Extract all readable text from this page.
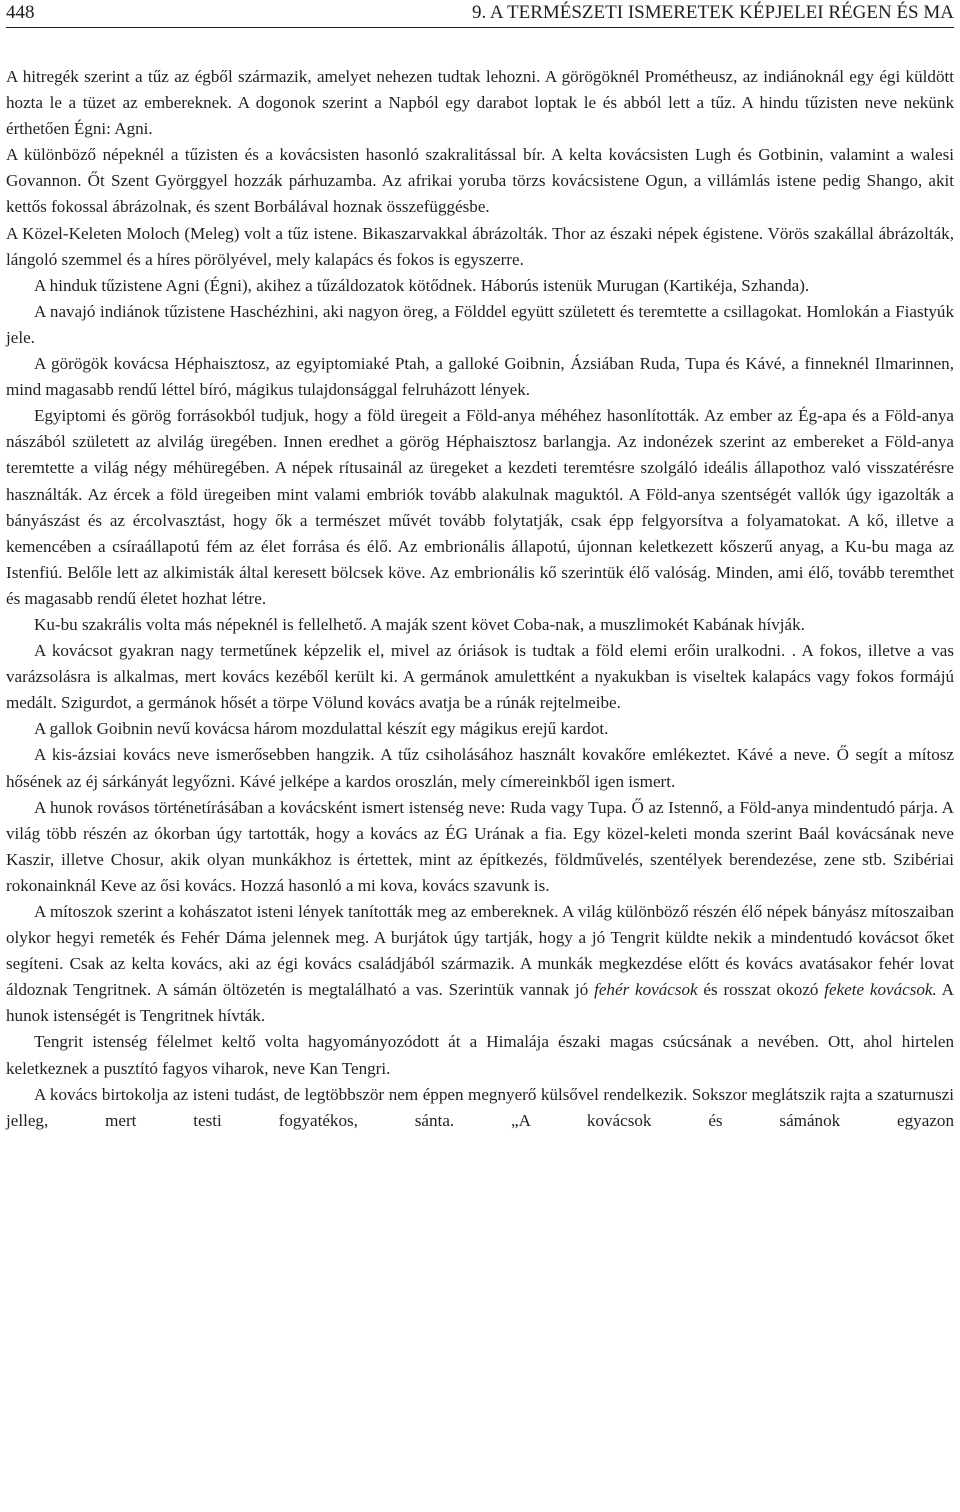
448	9. A TERMÉSZETI ISMERETEK KÉPJELEI RÉGEN ÉS MA

A hitregék szerint a tűz az égből származik, amelyet nehezen tudtak lehozni. A görögöknél Prométheusz, az indiánoknál egy égi küldött hozta le a tüzet az embereknek. A dogonok szerint a Napból egy darabot loptak le és abból lett a tűz. A hindu tűzisten neve nekünk érthetően Égni: Agni.

A különböző népeknél a tűzisten és a kovácsisten hasonló szakralitással bír. A kelta kovácsisten Lugh és Gotbinin, valamint a walesi Govannon. Őt Szent Györggyel hozzák párhuzamba. Az afrikai yoruba törzs kovácsistene Ogun, a villámlás istene pedig Shango, akit kettős fokossal ábrázolnak, és szent Borbálával hoznak összefüggésbe.

A Közel-Keleten Moloch (Meleg) volt a tűz istene. Bikaszarvakkal ábrázolták. Thor az északi népek égistene. Vörös szakállal ábrázolták, lángoló szemmel és a híres pörölyével, mely kalapács és fokos is egyszerre.

A hinduk tűzistene Agni (Égni), akihez a tűzáldozatok kötődnek. Háborús istenük Murugan (Kartikéja, Szhanda).

A navajó indiánok tűzistene Haschézhini, aki nagyon öreg, a Földdel együtt született és teremtette a csillagokat. Homlokán a Fiastyúk jele.

A görögök kovácsa Héphaisztosz, az egyiptomiaké Ptah, a galloké Goibnin, Ázsiában Ruda, Tupa és Kávé, a finneknél Ilmarinnen, mind magasabb rendű léttel bíró, mágikus tulajdonsággal felruházott lények.

Egyiptomi és görög forrásokból tudjuk, hogy a föld üregeit a Föld-anya méhéhez hasonlították. Az ember az Ég-apa és a Föld-anya nászából született az alvilág üregében. Innen eredhet a görög Héphaisztosz barlangja. Az indonézek szerint az embereket a Föld-anya teremtette a világ négy méhüregében. A népek rítusainál az üregeket a kezdeti teremtésre szolgáló ideális állapothoz való visszatérésre használták. Az ércek a föld üregeiben mint valami embriók tovább alakulnak maguktól. A Föld-anya szentségét vallók úgy igazolták a bányászást és az ércolvasztást, hogy ők a természet művét tovább folytatják, csak épp felgyorsítva a folyamatokat. A kő, illetve a kemencében a csíraállapotú fém az élet forrása és élő. Az embrionális állapotú, újonnan keletkezett kőszerű anyag, a Ku-bu maga az Istenfiú. Belőle lett az alkimisták által keresett bölcsek köve. Az embrionális kő szerintük élő valóság. Minden, ami élő, tovább teremthet és magasabb rendű életet hozhat létre.

Ku-bu szakrális volta más népeknél is fellelhető. A maják szent követ Coba-nak, a muszlimokét Kabának hívják.

A kovácsot gyakran nagy termetűnek képzelik el, mivel az óriások is tudtak a föld elemi erőin uralkodni. . A fokos, illetve a vas varázsolásra is alkalmas, mert kovács kezéből került ki. A germánok amulettként a nyakukban is viseltek kalapács vagy fokos formájú medált. Szigurdot, a germánok hősét a törpe Völund kovács avatja be a rúnák rejtelmeibe.

A gallok Goibnin nevű kovácsa három mozdulattal készít egy mágikus erejű kardot.

A kis-ázsiai kovács neve ismerősebben hangzik. A tűz csiholásához használt kovakőre emlékeztet. Kávé a neve. Ő segít a mítosz hősének az éj sárkányát legyőzni. Kávé jelképe a kardos oroszlán, mely címereinkből igen ismert.

A hunok rovásos történetírásában a kovácsként ismert istenség neve: Ruda vagy Tupa. Ő az Istennő, a Föld-anya mindentudó párja. A világ több részén az ókorban úgy tartották, hogy a kovács az ÉG Urának a fia. Egy közel-keleti monda szerint Baál kovácsának neve Kaszir, illetve Chosur, akik olyan munkákhoz is értettek, mint az építkezés, földművelés, szentélyek berendezése, zene stb. Szibériai rokonainknál Keve az ősi kovács. Hozzá hasonló a mi kova, kovács szavunk is.

A mítoszok szerint a kohászatot isteni lények tanították meg az embereknek. A világ különböző részén élő népek bányász mítoszaiban olykor hegyi remeték és Fehér Dáma jelennek meg. A burjátok úgy tartják, hogy a jó Tengrit küldte nekik a mindentudó kovácsot őket segíteni. Csak az kelta kovács, aki az égi kovács családjából származik. A munkák megkezdése előtt és kovács avatásakor fehér lovat áldoznak Tengritnek. A sámán öltözetén is megtalálható a vas. Szerintük vannak jó fehér kovácsok és rosszat okozó fekete kovácsok. A hunok istenségét is Tengritnek hívták.

Tengrit istenség félelmet keltő volta hagyományozódott át a Himalája északi magas csúcsának a nevében. Ott, ahol hirtelen keletkeznek a pusztító fagyos viharok, neve Kan Tengri.

A kovács birtokolja az isteni tudást, de legtöbbször nem éppen megnyerő külsővel rendelkezik. Sokszor meglátszik rajta a szaturnuszi jelleg, mert testi fogyatékos, sánta. „A kovácsok és sámánok egyazon
